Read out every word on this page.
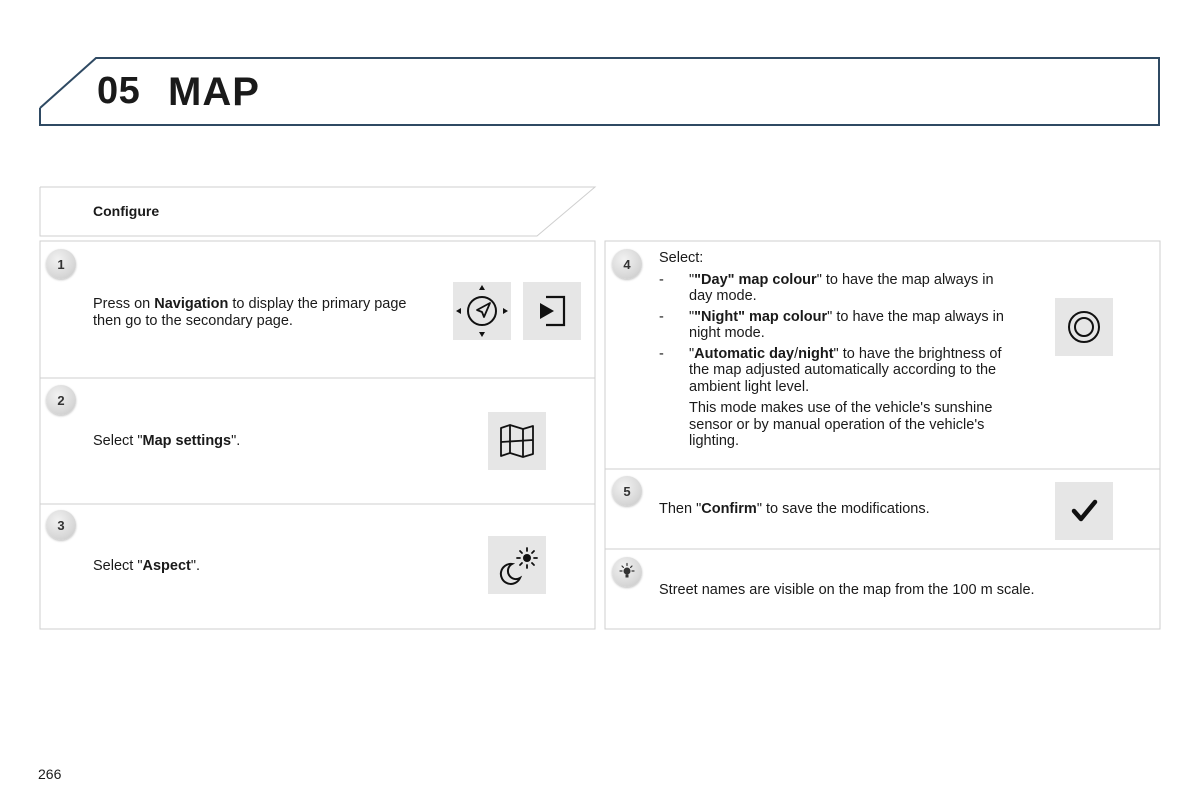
05 MAP
Configure
1
Press on Navigation to display the primary page then go to the secondary page.
2
Select "Map settings".
3
Select "Aspect".
4	Select:
- ""Day" map colour" to have the map always in day mode.
- ""Night" map colour" to have the map always in night mode.
- "Automatic day/night" to have the brightness of the map adjusted automatically according to the ambient light level.
This mode makes use of the vehicle's sunshine sensor or by manual operation of the vehicle's lighting.
5
Then "Confirm" to save the modifications.
Street names are visible on the map from the 100 m scale.
266
